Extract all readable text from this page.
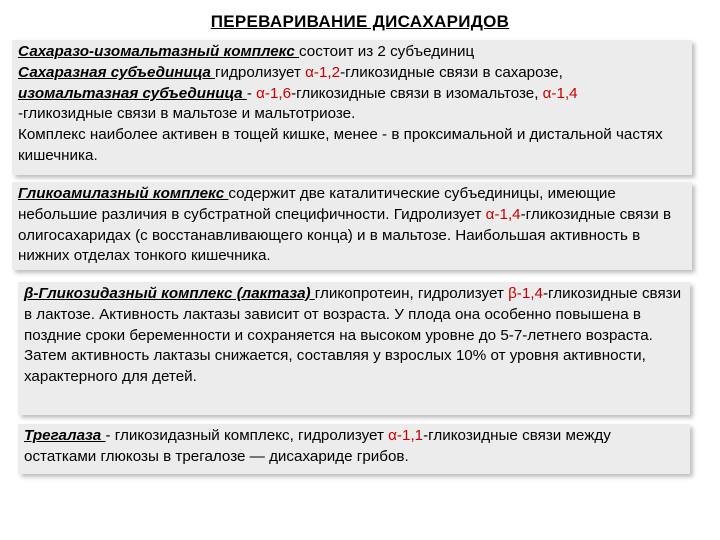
ПЕРЕВАРИВАНИЕ ДИСАХАРИДОВ

Сахаразо-изомальтазный комплекс состоит из 2 субъединиц
Сахаразная субъединица гидролизует α-1,2-гликозидные связи в сахарозе,
изомальтазная субъединица - α-1,6-гликозидные связи в изомальтозе, α-1,4
-гликозидные связи в мальтозе и мальтотриозе.
Комплекс наиболее активен в тощей кишке, менее - в проксимальной и дистальной частях кишечника.

Гликоамилазный комплекс содержит две каталитические субъединицы, имеющие небольшие различия в субстратной специфичности. Гидролизует α-1,4-гликозидные связи в олигосахаридах (с восстанавливающего конца) и в мальтозе. Наибольшая активность в нижних отделах тонкого кишечника.

β-Гликозидазный комплекс (лактаза) гликопротеин, гидролизует β-1,4-гликозидные связи в лактозе. Активность лактазы зависит от возраста. У плода она особенно повышена в поздние сроки беременности и сохраняется на высоком уровне до 5-7-летнего возраста. Затем активность лактазы снижается, составляя у взрослых 10% от уровня активности, характерного для детей.

Трегалаза - гликозидазный комплекс, гидролизует α-1,1-гликозидные связи между остатками глюкозы в трегалозе — дисахариде грибов.
